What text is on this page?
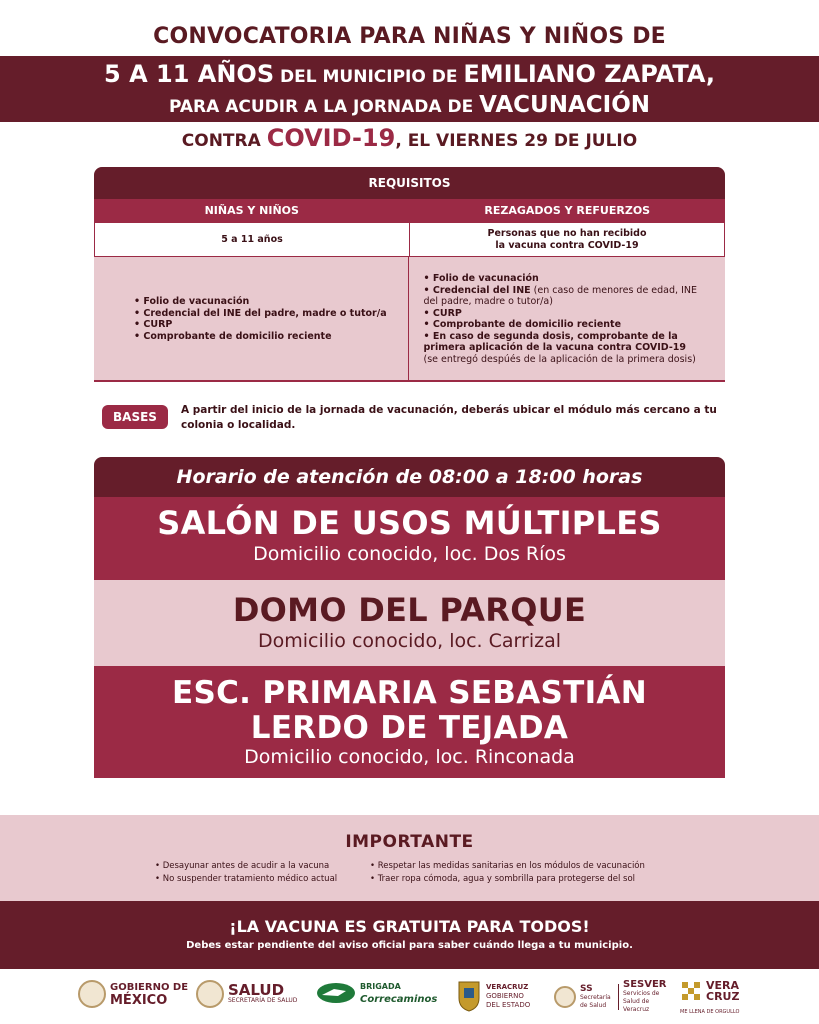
CONVOCATORIA PARA NIÑAS Y NIÑOS DE
5 A 11 AÑOS DEL MUNICIPIO DE EMILIANO ZAPATA,
PARA ACUDIR A LA JORNADA DE VACUNACIÓN
CONTRA COVID-19, EL VIERNES 29 DE JULIO
REQUISITOS
NIÑAS Y NIÑOS	REZAGADOS Y REFUERZOS
5 a 11 años
Personas que no han recibido
la vacuna contra COVID-19
• Folio de vacunación
• Credencial del INE del padre, madre o tutor/a
• CURP
• Comprobante de domicilio reciente
• Folio de vacunación
• Credencial del INE (en caso de menores de edad, INE del padre, madre o tutor/a)
• CURP
• Comprobante de domicilio reciente
• En caso de segunda dosis, comprobante de la primera aplicación de la vacuna contra COVID-19 (se entregó despúés de la aplicación de la primera dosis)
BASES	A partir del inicio de la jornada de vacunación, deberás ubicar el módulo más cercano a tu colonia o localidad.
Horario de atención de 08:00 a 18:00 horas
SALÓN DE USOS MÚLTIPLES
Domicilio conocido, loc. Dos Ríos
DOMO DEL PARQUE
Domicilio conocido, loc. Carrizal
ESC. PRIMARIA SEBASTIÁN
LERDO DE TEJADA
Domicilio conocido, loc. Rinconada
IMPORTANTE
• Desayunar antes de acudir a la vacuna
• No suspender tratamiento médico actual
• Respetar las medidas sanitarias en los módulos de vacunación
• Traer ropa cómoda, agua y sombrilla para protegerse del sol
¡LA VACUNA ES GRATUITA PARA TODOS!
Debes estar pendiente del aviso oficial para saber cuándo llega a tu municipio.
GOBIERNO DE
MÉXICO
SALUD
SECRETARÍA DE SALUD
BRIGADA
Correcaminos
VERACRUZ
GOBIERNO
DEL ESTADO
SS
Secretaría de Salud
SESVER
Servicios de Salud de Veracruz
VERA
CRUZ
ME LLENA DE ORGULLO
